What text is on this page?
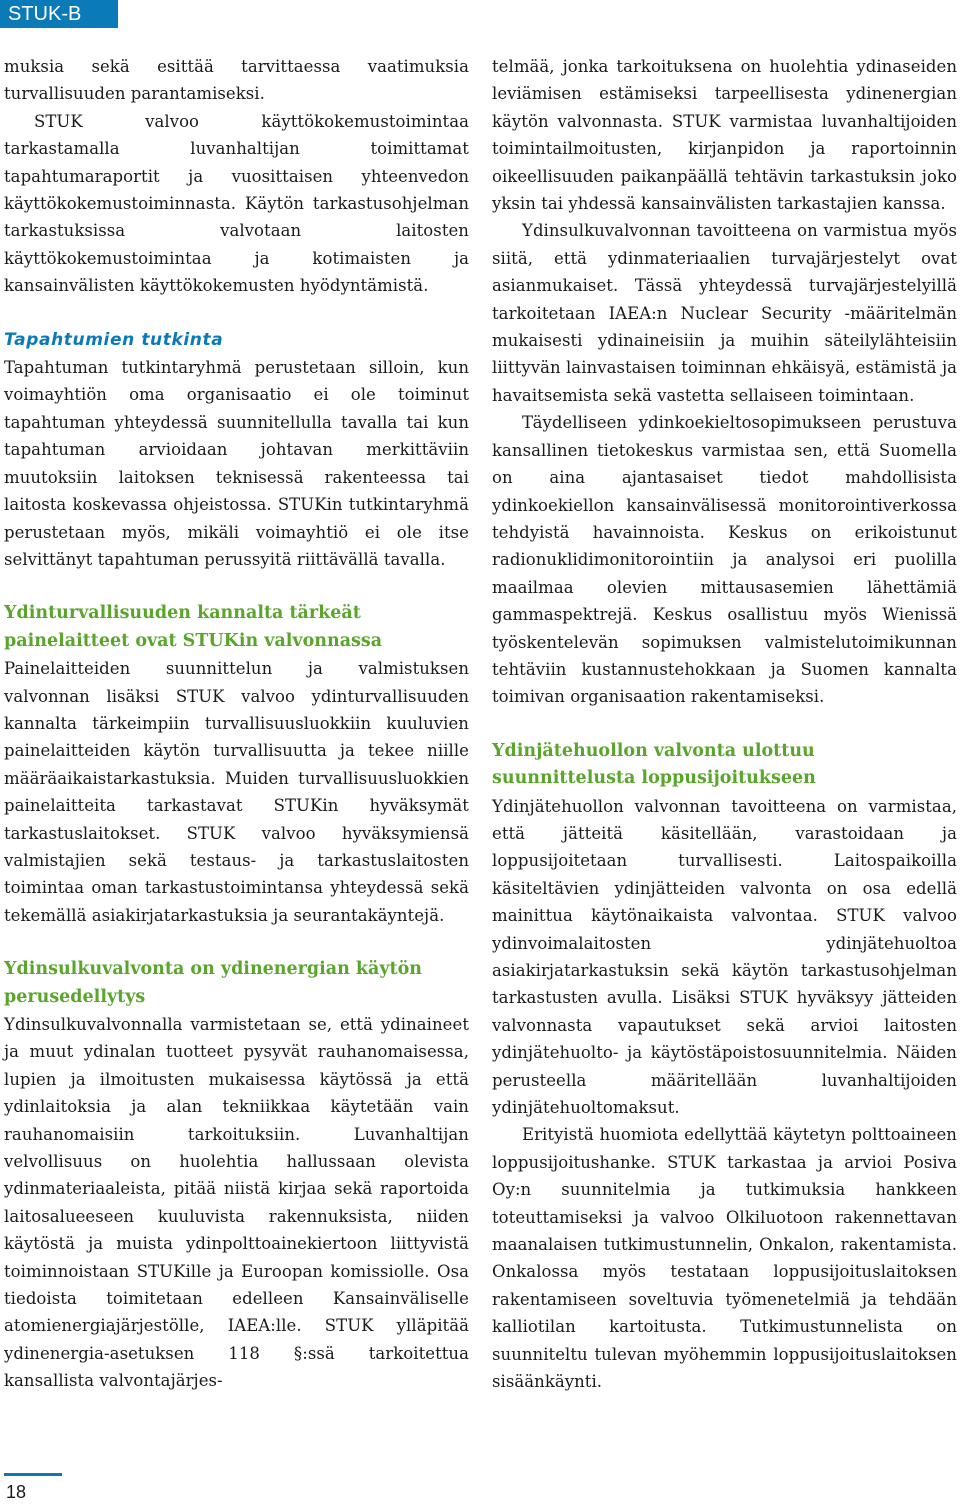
STUK-B 101

muksia sekä esittää tarvittaessa vaatimuksia turvallisuuden parantamiseksi.

STUK valvoo käyttökokemustoimintaa tarkastamalla luvanhaltijan toimittamat tapahtumaraportit ja vuosittaisen yhteenvedon käyttökokemustoiminnasta. Käytön tarkastusohjelman tarkastuksissa valvotaan laitosten käyttökokemustoimintaa ja kotimaisten ja kansainvälisten käyttökokemusten hyödyntämistä.

Tapahtumien tutkinta

Tapahtuman tutkintaryhmä perustetaan silloin, kun voimayhtiön oma organisaatio ei ole toiminut tapahtuman yhteydessä suunnitellulla tavalla tai kun tapahtuman arvioidaan johtavan merkittäviin muutoksiin laitoksen teknisessä rakenteessa tai laitosta koskevassa ohjeistossa. STUKin tutkintaryhmä perustetaan myös, mikäli voimayhtiö ei ole itse selvittänyt tapahtuman perussyitä riittävällä tavalla.

Ydinturvallisuuden kannalta tärkeät painelaitteet ovat STUKin valvonnassa

Painelaitteiden suunnittelun ja valmistuksen valvonnan lisäksi STUK valvoo ydinturvallisuuden kannalta tärkeimpiin turvallisuusluokkiin kuuluvien painelaitteiden käytön turvallisuutta ja tekee niille määräaikaistarkastuksia. Muiden turvallisuusluokkien painelaitteita tarkastavat STUKin hyväksymät tarkastuslaitokset. STUK valvoo hyväksymiensä valmistajien sekä testaus- ja tarkastuslaitosten toimintaa oman tarkastustoimintansa yhteydessä sekä tekemällä asiakirjatarkastuksia ja seurantakäyntejä.

Ydinsulkuvalvonta on ydinenergian käytön perusedellytys

Ydinsulkuvalvonnalla varmistetaan se, että ydinaineet ja muut ydinalan tuotteet pysyvät rauhanomaisessa, lupien ja ilmoitusten mukaisessa käytössä ja että ydinlaitoksia ja alan tekniikkaa käytetään vain rauhanomaisiin tarkoituksiin. Luvanhaltijan velvollisuus on huolehtia hallussaan olevista ydinmateriaaleista, pitää niistä kirjaa sekä raportoida laitosalueeseen kuuluvista rakennuksista, niiden käytöstä ja muista ydinpolttoainekiertoon liittyvistä toiminnoistaan STUKille ja Euroopan komissiolle. Osa tiedoista toimitetaan edelleen Kansainväliselle atomienergiajärjestölle, IAEA:lle. STUK ylläpitää ydinenergia-asetuksen 118 §:ssä tarkoitettua kansallista valvontajärjes-

telmää, jonka tarkoituksena on huolehtia ydinaseiden leviämisen estämiseksi tarpeellisesta ydinenergian käytön valvonnasta. STUK varmistaa luvanhaltijoiden toimintailmoitusten, kirjanpidon ja raportoinnin oikeellisuuden paikanpäällä tehtävin tarkastuksin joko yksin tai yhdessä kansainvälisten tarkastajien kanssa.

Ydinsulkuvalvonnan tavoitteena on varmistua myös siitä, että ydinmateriaalien turvajärjestelyt ovat asianmukaiset. Tässä yhteydessä turvajärjestelyillä tarkoitetaan IAEA:n Nuclear Security -määritelmän mukaisesti ydinaineisiin ja muihin säteilylähteisiin liittyvän lainvastaisen toiminnan ehkäisyä, estämistä ja havaitsemista sekä vastetta sellaiseen toimintaan.

Täydelliseen ydinkoekieltosopimukseen perustuva kansallinen tietokeskus varmistaa sen, että Suomella on aina ajantasaiset tiedot mahdollisista ydinkoekiellon kansainvälisessä monitorointiverkossa tehdyistä havainnoista. Keskus on erikoistunut radionuklidimonitorointiin ja analysoi eri puolilla maailmaa olevien mittausasemien lähettämiä gammaspektrejä. Keskus osallistuu myös Wienissä työskentelevän sopimuksen valmistelutoimikunnan tehtäviin kustannustehokkaan ja Suomen kannalta toimivan organisaation rakentamiseksi.

Ydinjätehuollon valvonta ulottuu suunnittelusta loppusijoitukseen

Ydinjätehuollon valvonnan tavoitteena on varmistaa, että jätteitä käsitellään, varastoidaan ja loppusijoitetaan turvallisesti. Laitospaikoilla käsiteltävien ydinjätteiden valvonta on osa edellä mainittua käytönaikaista valvontaa. STUK valvoo ydinvoimalaitosten ydinjätehuoltoa asiakirjatarkastuksin sekä käytön tarkastusohjelman tarkastusten avulla. Lisäksi STUK hyväksyy jätteiden valvonnasta vapautukset sekä arvioi laitosten ydinjätehuolto- ja käytöstäpoistosuunnitelmia. Näiden perusteella määritellään luvanhaltijoiden ydinjätehuoltomaksut.

Erityistä huomiota edellyttää käytetyn polttoaineen loppusijoitushanke. STUK tarkastaa ja arvioi Posiva Oy:n suunnitelmia ja tutkimuksia hankkeen toteuttamiseksi ja valvoo Olkiluotoon rakennettavan maanalaisen tutkimustunnelin, Onkalon, rakentamista. Onkalossa myös testataan loppusijoituslaitoksen rakentamiseen soveltuvia työmenetelmiä ja tehdään kalliotilan kartoitusta. Tutkimustunnelista on suunniteltu tulevan myöhemmin loppusijoituslaitoksen sisäänkäynti.

18
